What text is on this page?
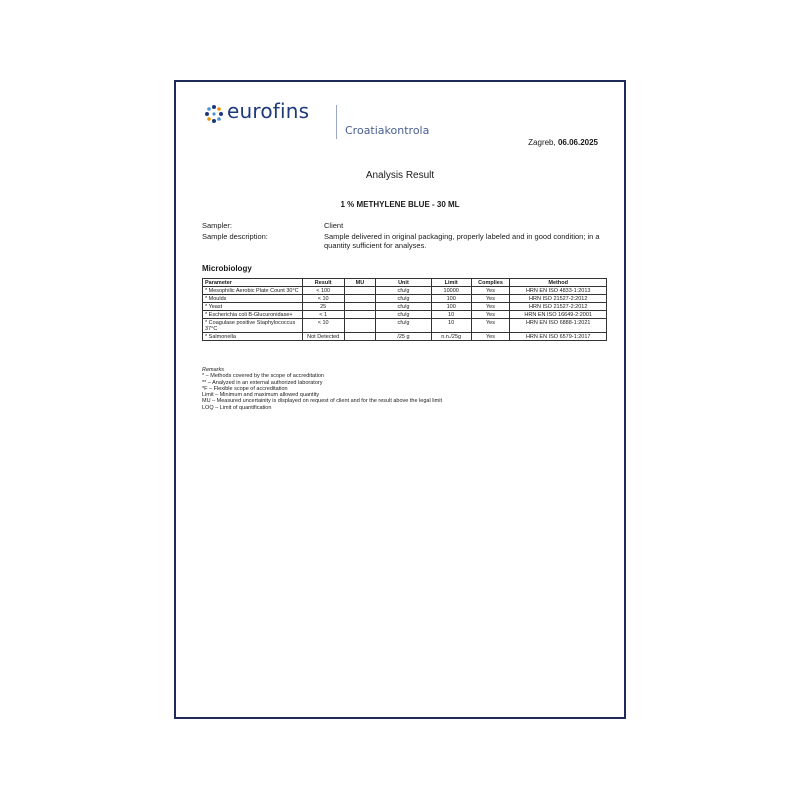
eurofins
Croatiakontrola
Zagreb, 06.06.2025
Analysis Result
1 % METHYLENE BLUE - 30 ML
Sampler:	Client
Sample description:	Sample delivered in original packaging, properly labeled and in good condition; in a quantity sufficient for analyses.
Microbiology
Parameter	Result	MU	Unit	Limit	Complies	Method
* Mesophilic Aerobic Plate Count 30°C	< 100		cfu/g	10000	Yes	HRN EN ISO 4833-1:2013
* Moulds	< 10		cfu/g	100	Yes	HRN ISO 21527-2:2012
* Yeast	25		cfu/g	100	Yes	HRN ISO 21527-2:2012
* Escherichia coli B-Glucuronidase+	< 1		cfu/g	10	Yes	HRN EN ISO 16649-2:2001
* Coagulase positive Staphylococcus 37°C	< 10		cfu/g	10	Yes	HRN EN ISO 6888-1:2021
* Salmonella	Not Detected		/25 g	n.n./25g	Yes	HRN EN ISO 6579-1:2017
Remarks
* – Methods covered by the scope of accreditation
** – Analyzed in an external authorized laboratory
*F – Flexible scope of accreditation
Limit – Minimum and maximum allowed quantity
MU – Measured uncertainity is displayed on request of client and for the result above the legal limit
LOQ – Limit of quantification
